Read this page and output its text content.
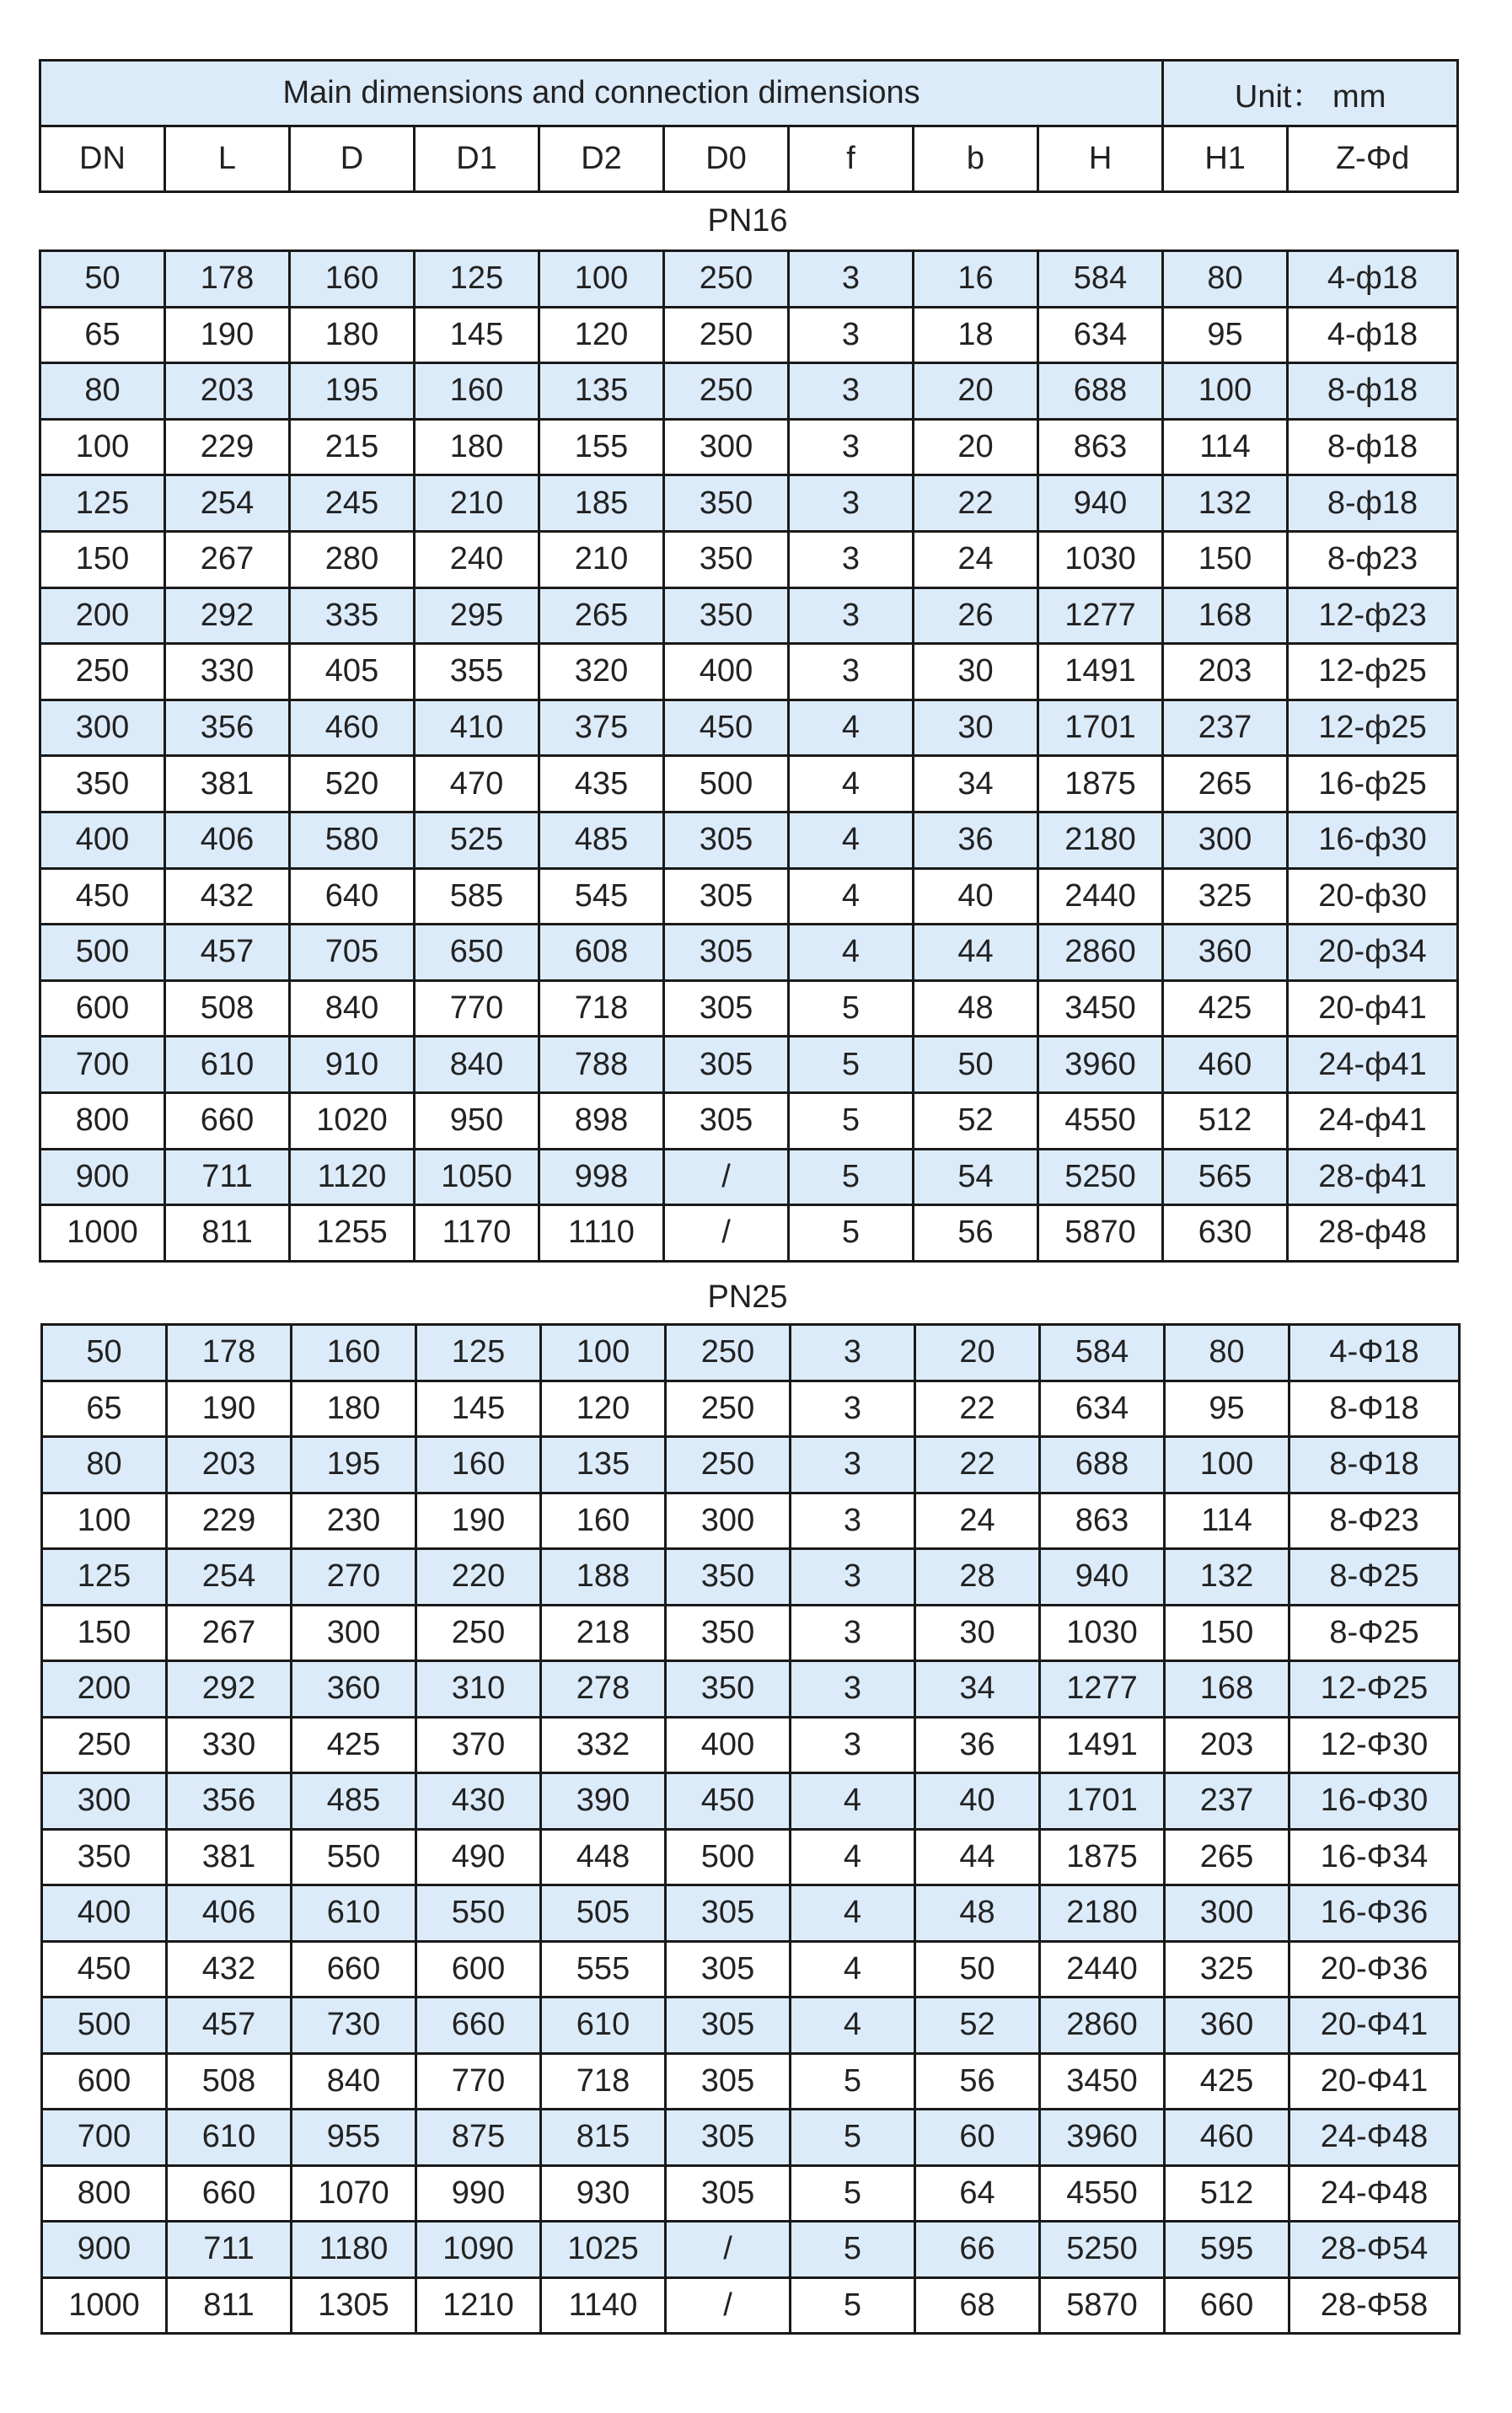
Main dimensions and connection dimensions									Unit： mm	
DN	L	D	D1	D2	D0	f	b	H	H1	Z-Φd
PN16
50	178	160	125	100	250	3	16	584	80	4-ф18
65	190	180	145	120	250	3	18	634	95	4-ф18
80	203	195	160	135	250	3	20	688	100	8-ф18
100	229	215	180	155	300	3	20	863	114	8-ф18
125	254	245	210	185	350	3	22	940	132	8-ф18
150	267	280	240	210	350	3	24	1030	150	8-ф23
200	292	335	295	265	350	3	26	1277	168	12-ф23
250	330	405	355	320	400	3	30	1491	203	12-ф25
300	356	460	410	375	450	4	30	1701	237	12-ф25
350	381	520	470	435	500	4	34	1875	265	16-ф25
400	406	580	525	485	305	4	36	2180	300	16-ф30
450	432	640	585	545	305	4	40	2440	325	20-ф30
500	457	705	650	608	305	4	44	2860	360	20-ф34
600	508	840	770	718	305	5	48	3450	425	20-ф41
700	610	910	840	788	305	5	50	3960	460	24-ф41
800	660	1020	950	898	305	5	52	4550	512	24-ф41
900	711	1120	1050	998	/	5	54	5250	565	28-ф41
1000	811	1255	1170	1110	/	5	56	5870	630	28-ф48
PN25
50	178	160	125	100	250	3	20	584	80	4-Φ18
65	190	180	145	120	250	3	22	634	95	8-Φ18
80	203	195	160	135	250	3	22	688	100	8-Φ18
100	229	230	190	160	300	3	24	863	114	8-Φ23
125	254	270	220	188	350	3	28	940	132	8-Φ25
150	267	300	250	218	350	3	30	1030	150	8-Φ25
200	292	360	310	278	350	3	34	1277	168	12-Φ25
250	330	425	370	332	400	3	36	1491	203	12-Φ30
300	356	485	430	390	450	4	40	1701	237	16-Φ30
350	381	550	490	448	500	4	44	1875	265	16-Φ34
400	406	610	550	505	305	4	48	2180	300	16-Φ36
450	432	660	600	555	305	4	50	2440	325	20-Φ36
500	457	730	660	610	305	4	52	2860	360	20-Φ41
600	508	840	770	718	305	5	56	3450	425	20-Φ41
700	610	955	875	815	305	5	60	3960	460	24-Φ48
800	660	1070	990	930	305	5	64	4550	512	24-Φ48
900	711	1180	1090	1025	/	5	66	5250	595	28-Φ54
1000	811	1305	1210	1140	/	5	68	5870	660	28-Φ58
